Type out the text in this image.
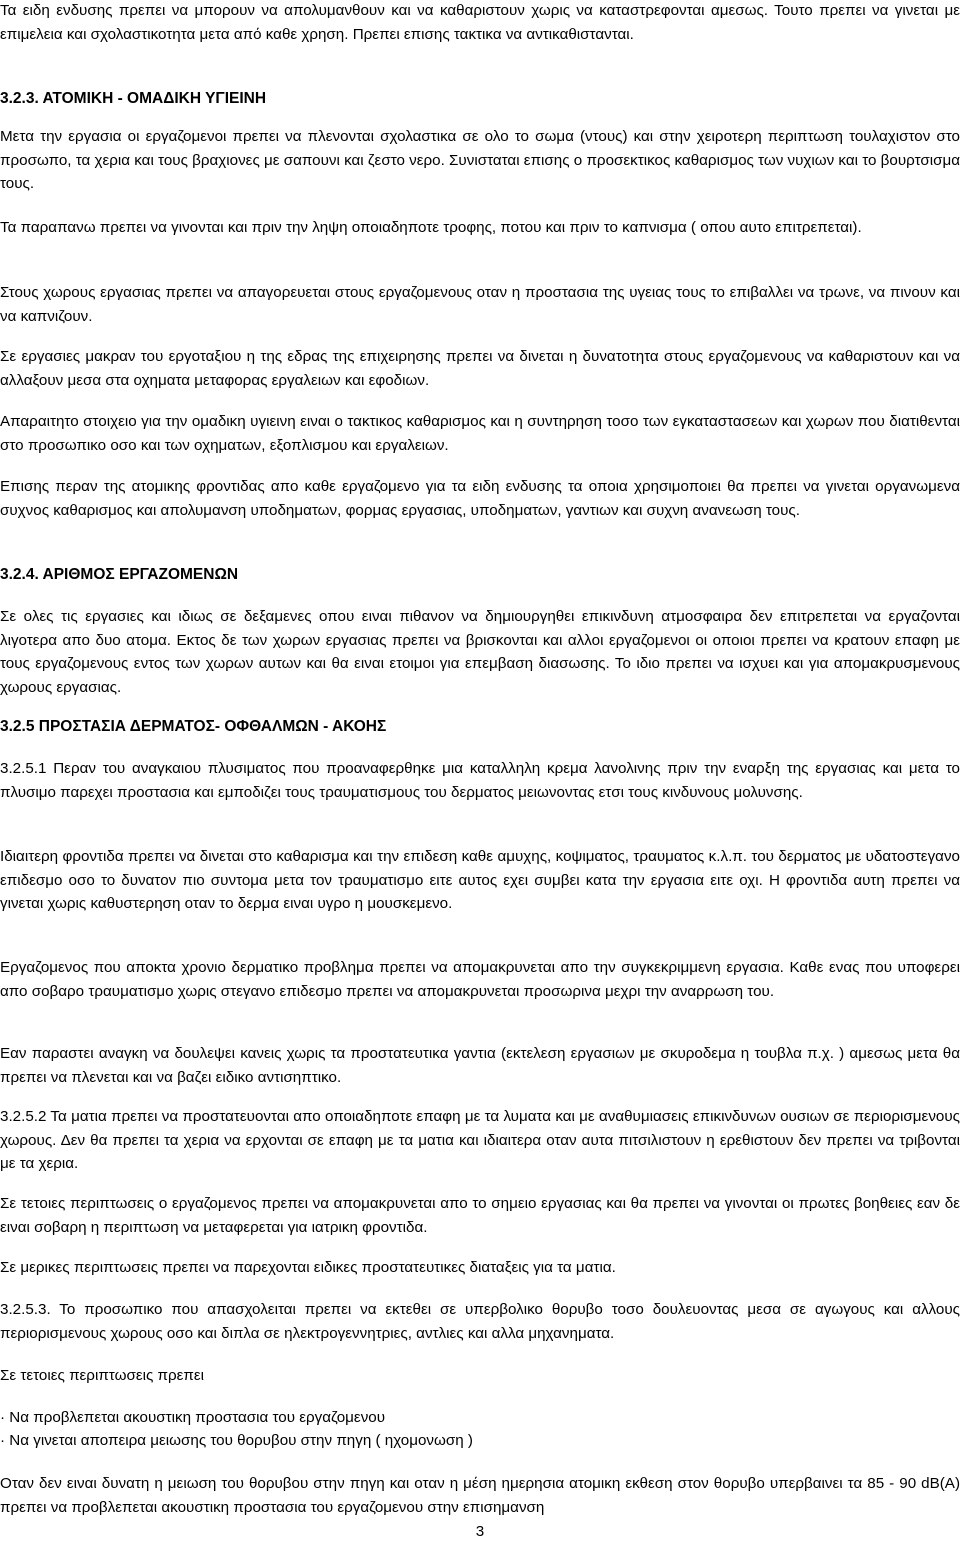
Τα ειδη ενδυσης πρεπει να μπορουν να απολυμανθουν και να καθαριστουν χωρις να καταστρεφονται αμεσως. Τουτο πρεπει να γινεται με επιμελεια και σχολαστικοτητα μετα από καθε χρηση. Πρεπει επισης τακτικα να αντικαθιστανται.

3.2.3. ΑΤΟΜΙΚΗ - ΟΜΑΔΙΚΗ ΥΓΙΕΙΝΗ

Μετα την εργασια οι εργαζομενοι πρεπει να πλενονται σχολαστικα σε ολο το σωμα (ντους) και στην χειροτερη περιπτωση τουλαχιστον στο προσωπο, τα χερια και τους βραχιονες με σαπουνι και ζεστο νερο. Συνισταται επισης ο προσεκτικος καθαρισμος των νυχιων και το βουρτσισμα τους.

Τα παραπανω πρεπει να γινονται και πριν την ληψη οποιαδηποτε τροφης, ποτου και πριν το καπνισμα ( οπου αυτο επιτρεπεται).

Στους χωρους εργασιας πρεπει να απαγορευεται στους εργαζομενους οταν η προστασια της υγειας τους το επιβαλλει να τρωνε, να πινουν και να καπνιζουν.

Σε εργασιες μακραν του εργοταξιου η της εδρας της επιχειρησης πρεπει να δινεται η δυνατοτητα στους εργαζομενους να καθαριστουν και να αλλαξουν μεσα στα οχηματα μεταφορας εργαλειων και εφοδιων.

Απαραιτητο στοιχειο για την ομαδικη υγιεινη ειναι ο τακτικος καθαρισμος και η συντηρηση τοσο των εγκαταστασεων και χωρων που διατιθενται στο προσωπικο οσο και των οχηματων, εξοπλισμου και εργαλειων.

Επισης περαν της ατομικης φροντιδας απο καθε εργαζομενο για τα ειδη ενδυσης τα οποια χρησιμοποιει θα πρεπει να γινεται οργανωμενα συχνος καθαρισμος και απολυμανση υποδηματων, φορμας εργασιας, υποδηματων, γαντιων και συχνη ανανεωση τους.

3.2.4. ΑΡΙΘΜΟΣ ΕΡΓΑΖΟΜΕΝΩΝ

Σε ολες τις εργασιες και ιδιως σε δεξαμενες οπου ειναι πιθανον να δημιουργηθει επικινδυνη ατμοσφαιρα δεν επιτρεπεται να εργαζονται λιγοτερα απο δυο ατομα. Εκτος δε των χωρων εργασιας πρεπει να βρισκονται και αλλοι εργαζομενοι οι οποιοι πρεπει να κρατουν επαφη με τους εργαζομενους εντος των χωρων αυτων και θα ειναι ετοιμοι για επεμβαση διασωσης. Το ιδιο πρεπει να ισχυει και για απομακρυσμενους χωρους εργασιας.

3.2.5 ΠΡΟΣΤΑΣΙΑ ΔΕΡΜΑΤΟΣ- ΟΦΘΑΛΜΩΝ - ΑΚΟΗΣ

3.2.5.1 Περαν του αναγκαιου πλυσιματος που προαναφερθηκε μια καταλληλη κρεμα λανολινης πριν την εναρξη της εργασιας και μετα το πλυσιμο παρεχει προστασια και εμποδιζει τους τραυματισμους του δερματος μειωνοντας ετσι τους κινδυνους μολυνσης.

Ιδιαιτερη φροντιδα πρεπει να δινεται στο καθαρισμα και την επιδεση καθε αμυχης, κοψιματος, τραυματος κ.λ.π. του δερματος με υδατοστεγανο επιδεσμο οσο το δυνατον πιο συντομα μετα τον τραυματισμο ειτε αυτος εχει συμβει κατα την εργασια ειτε οχι. Η φροντιδα αυτη πρεπει να γινεται χωρις καθυστερηση οταν το δερμα ειναι υγρο η μουσκεμενο.

Εργαζομενος που αποκτα χρονιο δερματικο προβλημα πρεπει να απομακρυνεται απο την συγκεκριμμενη εργασια. Καθε ενας που υποφερει απο σοβαρο τραυματισμο χωρις στεγανο επιδεσμο πρεπει να απομακρυνεται προσωρινα μεχρι την αναρρωση του.

Εαν παραστει αναγκη να δουλεψει κανεις χωρις τα προστατευτικα γαντια (εκτελεση εργασιων με σκυροδεμα η τουβλα π.χ. ) αμεσως μετα θα πρεπει να πλενεται και να βαζει ειδικο αντισηπτικο.

3.2.5.2 Τα ματια πρεπει να προστατευονται απο οποιαδηποτε επαφη με τα λυματα και με αναθυμιασεις επικινδυνων ουσιων σε περιορισμενους χωρους. Δεν θα πρεπει τα χερια να ερχονται σε επαφη με τα ματια και ιδιαιτερα οταν αυτα πιτσιλιστουν η ερεθιστουν δεν πρεπει να τριβονται με τα χερια.

Σε τετοιες περιπτωσεις ο εργαζομενος πρεπει να απομακρυνεται απο το σημειο εργασιας και θα πρεπει να γινονται οι πρωτες βοηθειες εαν δε ειναι σοβαρη η περιπτωση να μεταφερεται για ιατρικη φροντιδα.

Σε μερικες περιπτωσεις πρεπει να παρεχονται ειδικες προστατευτικες διαταξεις για τα ματια.

3.2.5.3. Το προσωπικο που απασχολειται πρεπει να εκτεθει σε υπερβολικο θορυβο τοσο δουλευοντας μεσα σε αγωγους και αλλους περιορισμενους χωρους οσο και διπλα σε ηλεκτρογεννητριες, αντλιες και αλλα μηχανηματα.

Σε τετοιες περιπτωσεις πρεπει

· Να προβλεπεται ακουστικη προστασια του εργαζομενου

· Να γινεται αποπειρα μειωσης του θορυβου στην πηγη ( ηχομονωση )

Οταν δεν ειναι δυνατη η μειωση του θορυβου στην πηγη και οταν η μέση ημερησια ατομικη εκθεση στον θορυβο υπερβαινει τα 85 - 90 dB(A) πρεπει να προβλεπεται ακουστικη προστασια του εργαζομενου στην επισημανση

3
